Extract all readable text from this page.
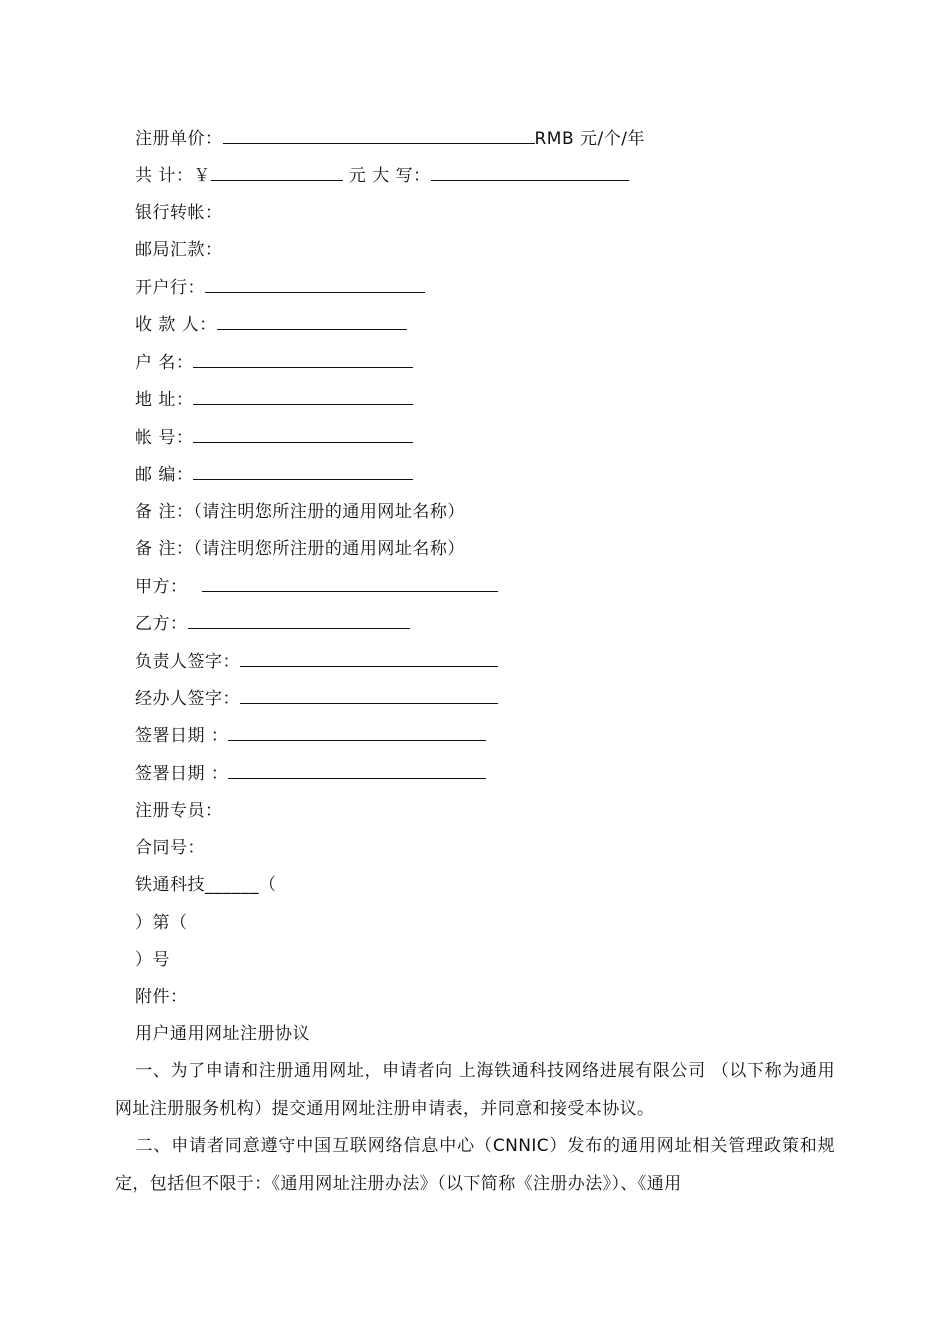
注册单价：	RMB 元/个/年
共 计：￥	元 大 写：
银行转帐：
邮局汇款：
开户行：
收 款 人：
户 名：
地 址：
帐 号：
邮 编：
备 注：（请注明您所注册的通用网址名称）
备 注：（请注明您所注册的通用网址名称）
甲方：
乙方：
负责人签字：
经办人签字：
签署日期 ：
签署日期 ：
注册专员：
合同号：
铁通科技______（
）第（
）号
附件：
用户通用网址注册协议
一、为了申请和注册通用网址，申请者向 上海铁通科技网络进展有限公司 （以下称为通用网址注册服务机构）提交通用网址注册申请表，并同意和接受本协议。
二、申请者同意遵守中国互联网络信息中心（CNNIC）发布的通用网址相关管理政策和规定，包括但不限于：《通用网址注册办法》（以下简称《注册办法》）、《通用
